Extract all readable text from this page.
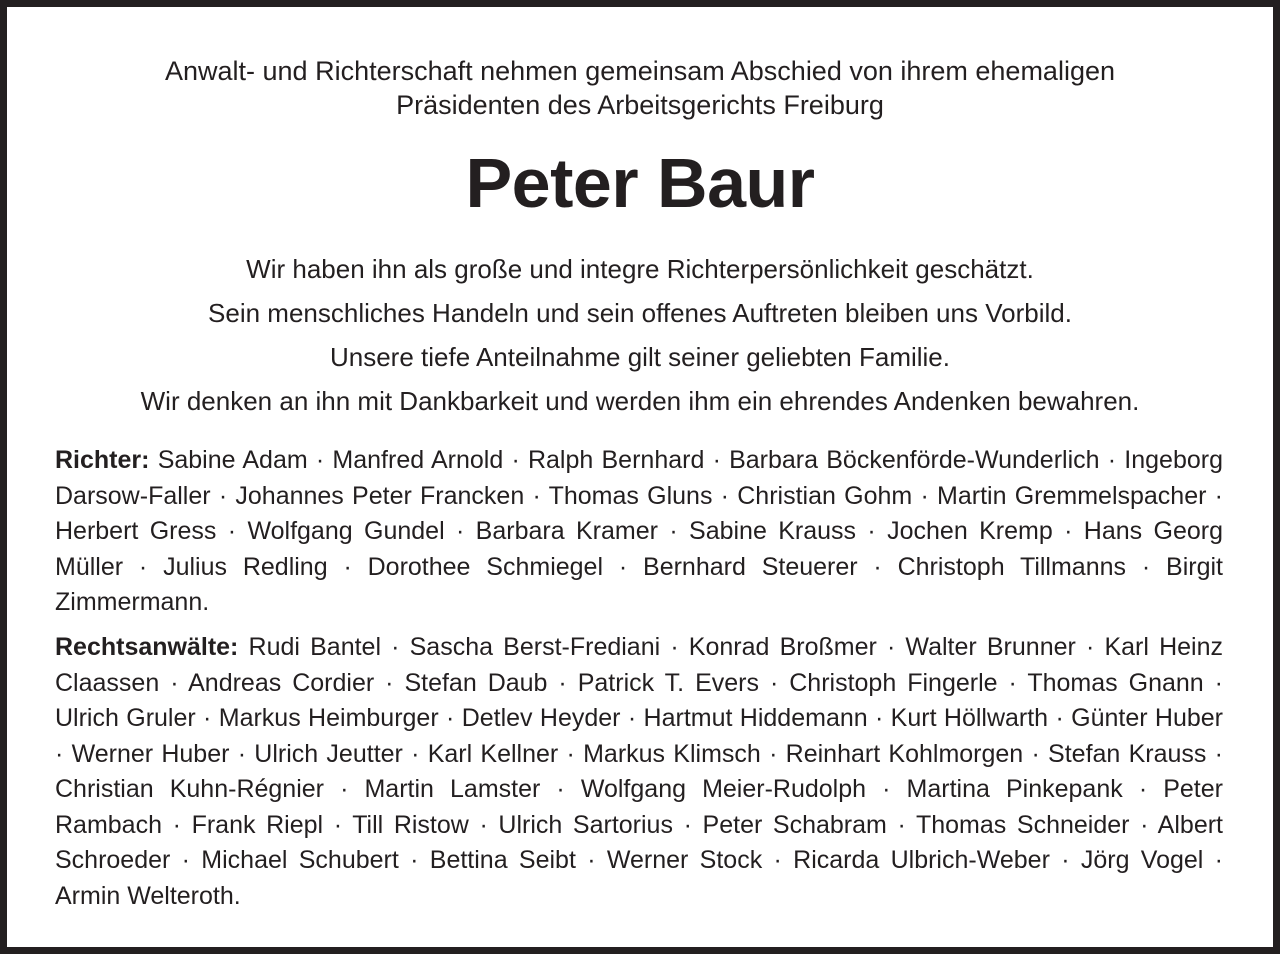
Anwalt- und Richterschaft nehmen gemeinsam Abschied von ihrem ehemaligen
Präsidenten des Arbeitsgerichts Freiburg
Peter Baur
Wir haben ihn als große und integre Richterpersönlichkeit geschätzt.
Sein menschliches Handeln und sein offenes Auftreten bleiben uns Vorbild.
Unsere tiefe Anteilnahme gilt seiner geliebten Familie.
Wir denken an ihn mit Dankbarkeit und werden ihm ein ehrendes Andenken bewahren.
Richter: Sabine Adam · Manfred Arnold · Ralph Bernhard · Barbara Böckenförde-Wunderlich · Ingeborg Darsow-Faller · Johannes Peter Francken · Thomas Gluns · Christian Gohm · Martin Gremmelspacher · Herbert Gress · Wolfgang Gundel · Barbara Kramer · Sabine Krauss · Jochen Kremp · Hans Georg Müller · Julius Redling · Dorothee Schmiegel · Bernhard Steuerer · Christoph Tillmanns · Birgit Zimmermann.
Rechtsanwälte: Rudi Bantel · Sascha Berst-Frediani · Konrad Broßmer · Walter Brunner · Karl Heinz Claassen · Andreas Cordier · Stefan Daub · Patrick T. Evers · Christoph Fingerle · Thomas Gnann · Ulrich Gruler · Markus Heimburger · Detlev Heyder · Hartmut Hiddemann · Kurt Höllwarth · Günter Huber · Werner Huber · Ulrich Jeutter · Karl Kellner · Markus Klimsch · Reinhart Kohlmorgen · Stefan Krauss · Christian Kuhn-Régnier · Martin Lamster · Wolfgang Meier-Rudolph · Martina Pinkepank · Peter Rambach · Frank Riepl · Till Ristow · Ulrich Sartorius · Peter Schabram · Thomas Schneider · Albert Schroeder · Michael Schubert · Bettina Seibt · Werner Stock · Ricarda Ulbrich-Weber · Jörg Vogel · Armin Welteroth.
